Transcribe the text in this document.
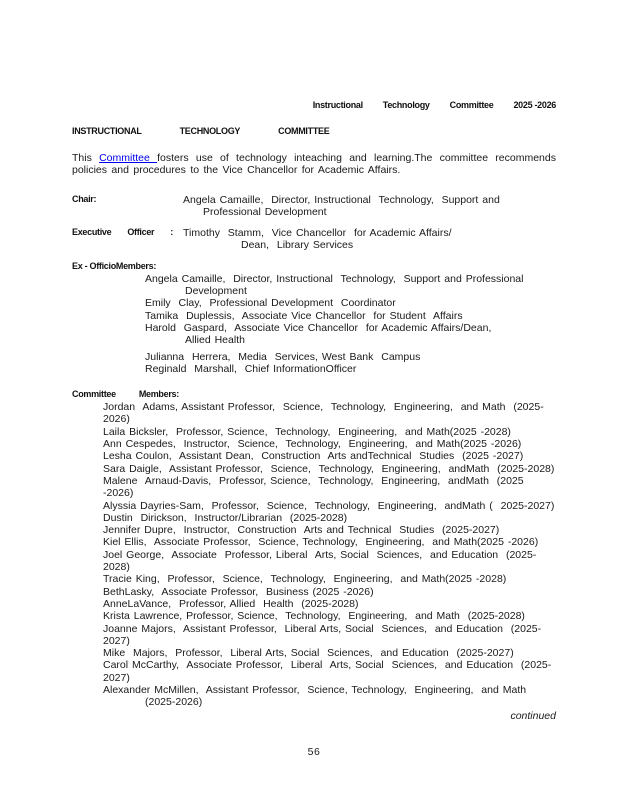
Instructional Technology Committee 2025 -2026
INSTRUCTIONAL	TECHNOLOGY	COMMITTEE

This Committee fosters use of technology inteaching and learning.The committee recommends policies and procedures to the Vice Chancellor for Academic Affairs.

Chair:	Angela Camaille,  Director, Instructional  Technology,  Support and
Professional Development
Executive Officer : Timothy  Stamm,  Vice Chancellor  for Academic Affairs/
Dean,  Library Services
Ex - OfficioMembers:
Angela Camaille,  Director, Instructional  Technology,  Support and Professional
Development
Emily  Clay,  Professional Development  Coordinator
Tamika  Duplessis,  Associate Vice Chancellor  for Student  Affairs
Harold  Gaspard,  Associate Vice Chancellor  for Academic Affairs/Dean,
Allied Health
Julianna  Herrera,  Media  Services, West Bank  Campus
Reginald  Marshall,  Chief InformationOfficer
Committee	Members:
Jordan  Adams, Assistant Professor,  Science,  Technology,  Engineering,  and Math  (2025-2026)
Laila Bicksler,  Professor, Science,  Technology,  Engineering,  and Math(2025 -2028)
Ann Cespedes,  Instructor,  Science,  Technology,  Engineering,  and Math(2025 -2026)
Lesha Coulon,  Assistant Dean,  Construction  Arts andTechnical  Studies  (2025 -2027)
Sara Daigle,  Assistant Professor,  Science,  Technology,  Engineering,  andMath  (2025-2028)
Malene  Arnaud-Davis,  Professor, Science,  Technology,  Engineering,  andMath  (2025 -2026)
Alyssia Dayries-Sam,  Professor,  Science,  Technology,  Engineering,  andMath (  2025-2027)
Dustin  Dirickson,  Instructor/Librarian  (2025-2028)
Jennifer Dupre,  Instructor,  Construction  Arts and Technical  Studies  (2025-2027)
Kiel Ellis,  Associate Professor,  Science, Technology,  Engineering,  and Math(2025 -2026)
Joel George,  Associate  Professor, Liberal  Arts, Social  Sciences,  and Education  (2025-2028)
Tracie King,  Professor,  Science,  Technology,  Engineering,  and Math(2025 -2028)
BethLasky,  Associate Professor,  Business (2025 -2026)
AnneLaVance,  Professor, Allied  Health  (2025-2028)
Krista Lawrence, Professor, Science,  Technology,  Engineering,  and Math  (2025-2028)
Joanne Majors,  Assistant Professor,  Liberal Arts, Social  Sciences,  and Education  (2025-2027)
Mike  Majors,  Professor,  Liberal Arts, Social  Sciences,  and Education  (2025-2027)
Carol McCarthy,  Associate Professor,  Liberal  Arts, Social  Sciences,  and Education  (2025-2027)
Alexander McMillen,  Assistant Professor,  Science, Technology,  Engineering,  and Math
(2025-2026)
continued
56
